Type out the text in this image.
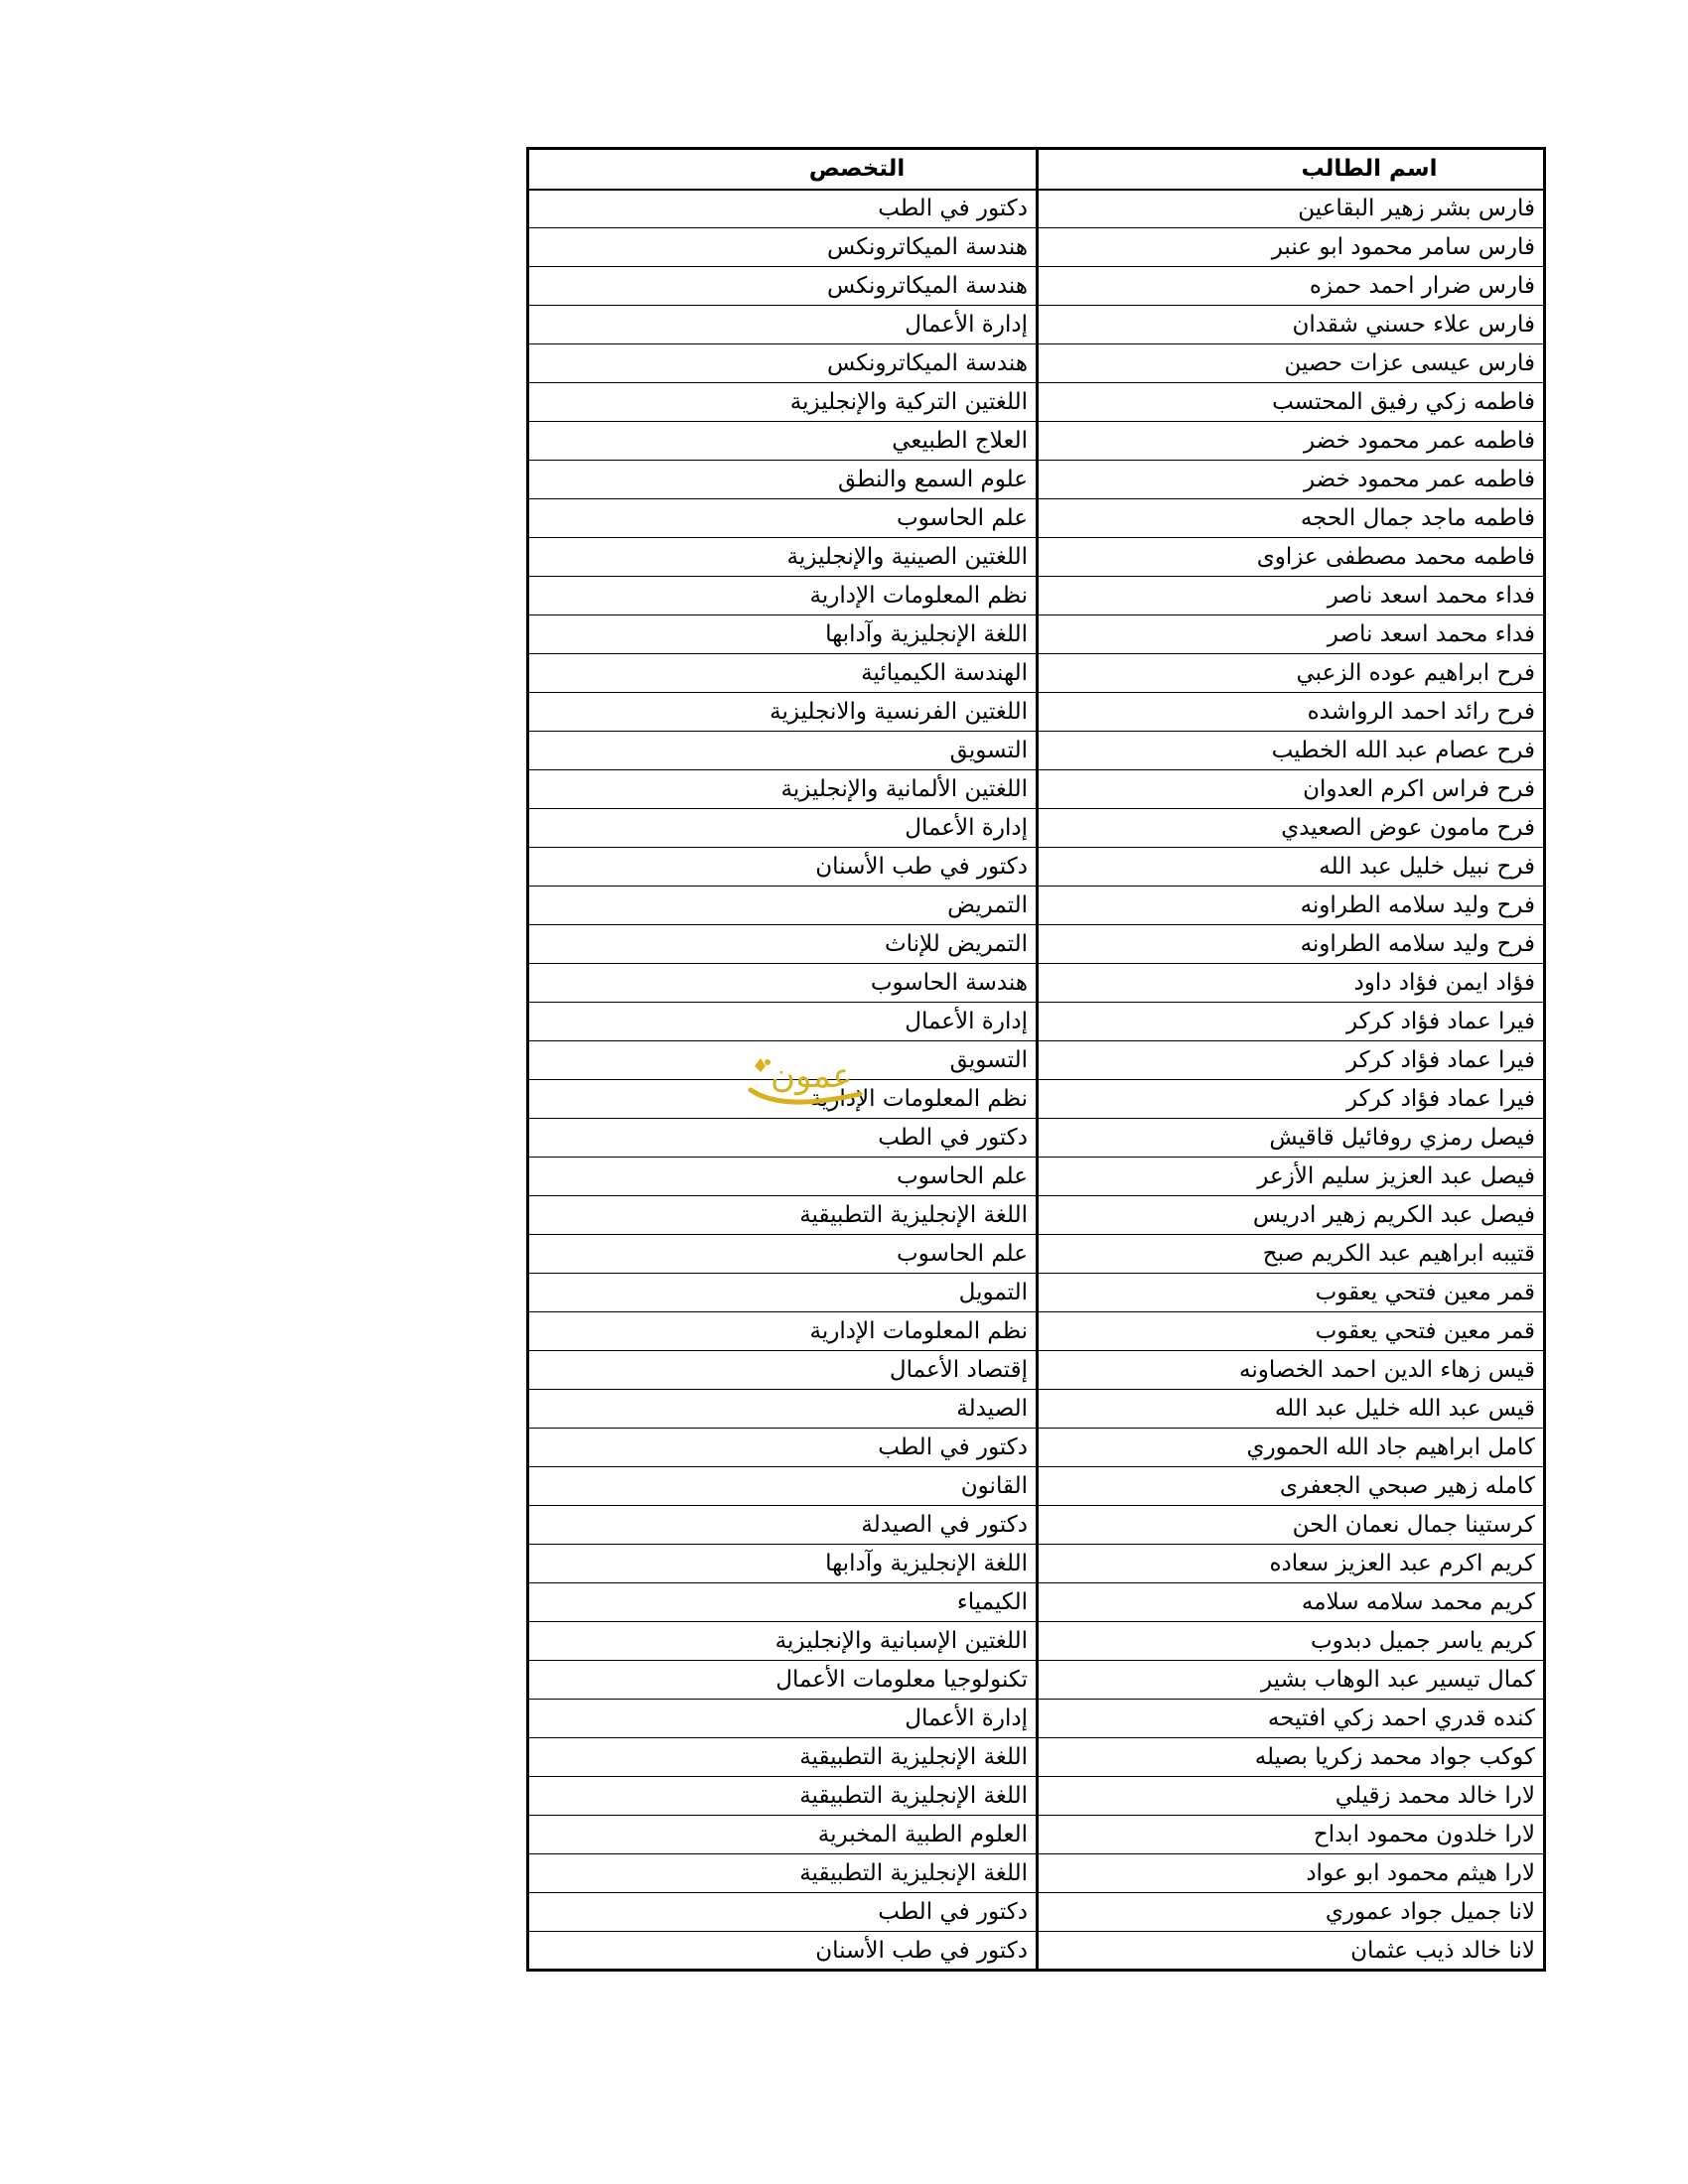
اسم الطالب	التخصص
فارس بشر زهير البقاعين	دكتور في الطب
فارس سامر محمود ابو عنبر	هندسة الميكاترونكس
فارس ضرار احمد حمزه	هندسة الميكاترونكس
فارس علاء حسني شقدان	إدارة الأعمال
فارس عيسى عزات حصين	هندسة الميكاترونكس
فاطمه زكي رفيق المحتسب	اللغتين التركية والإنجليزية
فاطمه عمر محمود خضر	العلاج الطبيعي
فاطمه عمر محمود خضر	علوم السمع والنطق
فاطمه ماجد جمال الحجه	علم الحاسوب
فاطمه محمد مصطفى عزاوى	اللغتين الصينية والإنجليزية
فداء محمد اسعد ناصر	نظم المعلومات الإدارية
فداء محمد اسعد ناصر	اللغة الإنجليزية وآدابها
فرح ابراهيم عوده الزعبي	الهندسة الكيميائية
فرح رائد احمد الرواشده	اللغتين الفرنسية والانجليزية
فرح عصام عبد الله الخطيب	التسويق
فرح فراس اكرم العدوان	اللغتين الألمانية والإنجليزية
فرح مامون عوض الصعيدي	إدارة الأعمال
فرح نبيل خليل عبد الله	دكتور في طب الأسنان
فرح وليد سلامه الطراونه	التمريض
فرح وليد سلامه الطراونه	التمريض للإناث
فؤاد ايمن فؤاد داود	هندسة الحاسوب
فيرا عماد فؤاد كركر	إدارة الأعمال
فيرا عماد فؤاد كركر	التسويق
فيرا عماد فؤاد كركر	نظم المعلومات الإدارية
فيصل رمزي روفائيل قاقيش	دكتور في الطب
فيصل عبد العزيز سليم الأزعر	علم الحاسوب
فيصل عبد الكريم زهير ادريس	اللغة الإنجليزية التطبيقية
قتيبه ابراهيم عبد الكريم صبح	علم الحاسوب
قمر معين فتحي يعقوب	التمويل
قمر معين فتحي يعقوب	نظم المعلومات الإدارية
قيس زهاء الدين احمد الخصاونه	إقتصاد الأعمال
قيس عبد الله خليل عبد الله	الصيدلة
كامل ابراهيم جاد الله الحموري	دكتور في الطب
كامله زهير صبحي الجعفرى	القانون
كرستينا جمال نعمان الحن	دكتور في الصيدلة
كريم اكرم عبد العزيز سعاده	اللغة الإنجليزية وآدابها
كريم محمد سلامه سلامه	الكيمياء
كريم ياسر جميل دبدوب	اللغتين الإسبانية والإنجليزية
كمال تيسير عبد الوهاب بشير	تكنولوجيا معلومات الأعمال
كنده قدري احمد زكي افتيحه	إدارة الأعمال
كوكب جواد محمد زكريا بصيله	اللغة الإنجليزية التطبيقية
لارا خالد محمد زقيلي	اللغة الإنجليزية التطبيقية
لارا خلدون محمود ابداح	العلوم الطبية المخبرية
لارا هيثم محمود ابو عواد	اللغة الإنجليزية التطبيقية
لانا جميل جواد عموري	دكتور في الطب
لانا خالد ذيب عثمان	دكتور في طب الأسنان
عمون
